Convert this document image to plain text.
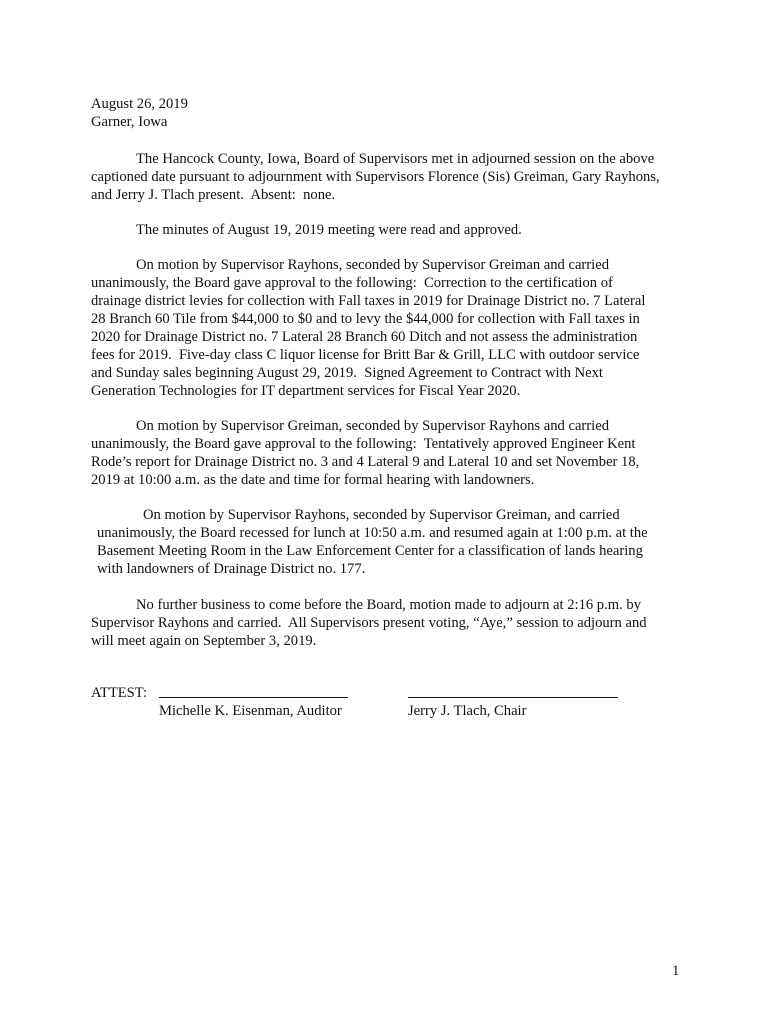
August 26, 2019
Garner, Iowa
The Hancock County, Iowa, Board of Supervisors met in adjourned session on the above
captioned date pursuant to adjournment with Supervisors Florence (Sis) Greiman, Gary Rayhons,
and Jerry J. Tlach present.  Absent:  none.
The minutes of August 19, 2019 meeting were read and approved.
On motion by Supervisor Rayhons, seconded by Supervisor Greiman and carried
unanimously, the Board gave approval to the following:  Correction to the certification of
drainage district levies for collection with Fall taxes in 2019 for Drainage District no. 7 Lateral
28 Branch 60 Tile from $44,000 to $0 and to levy the $44,000 for collection with Fall taxes in
2020 for Drainage District no. 7 Lateral 28 Branch 60 Ditch and not assess the administration
fees for 2019.  Five-day class C liquor license for Britt Bar & Grill, LLC with outdoor service
and Sunday sales beginning August 29, 2019.  Signed Agreement to Contract with Next
Generation Technologies for IT department services for Fiscal Year 2020.
On motion by Supervisor Greiman, seconded by Supervisor Rayhons and carried
unanimously, the Board gave approval to the following:  Tentatively approved Engineer Kent
Rode’s report for Drainage District no. 3 and 4 Lateral 9 and Lateral 10 and set November 18,
2019 at 10:00 a.m. as the date and time for formal hearing with landowners.
On motion by Supervisor Rayhons, seconded by Supervisor Greiman, and carried
unanimously, the Board recessed for lunch at 10:50 a.m. and resumed again at 1:00 p.m. at the
Basement Meeting Room in the Law Enforcement Center for a classification of lands hearing
with landowners of Drainage District no. 177.
No further business to come before the Board, motion made to adjourn at 2:16 p.m. by
Supervisor Rayhons and carried.  All Supervisors present voting, “Aye,” session to adjourn and
will meet again on September 3, 2019.
ATTEST:
Michelle K. Eisenman, Auditor	Jerry J. Tlach, Chair
1
